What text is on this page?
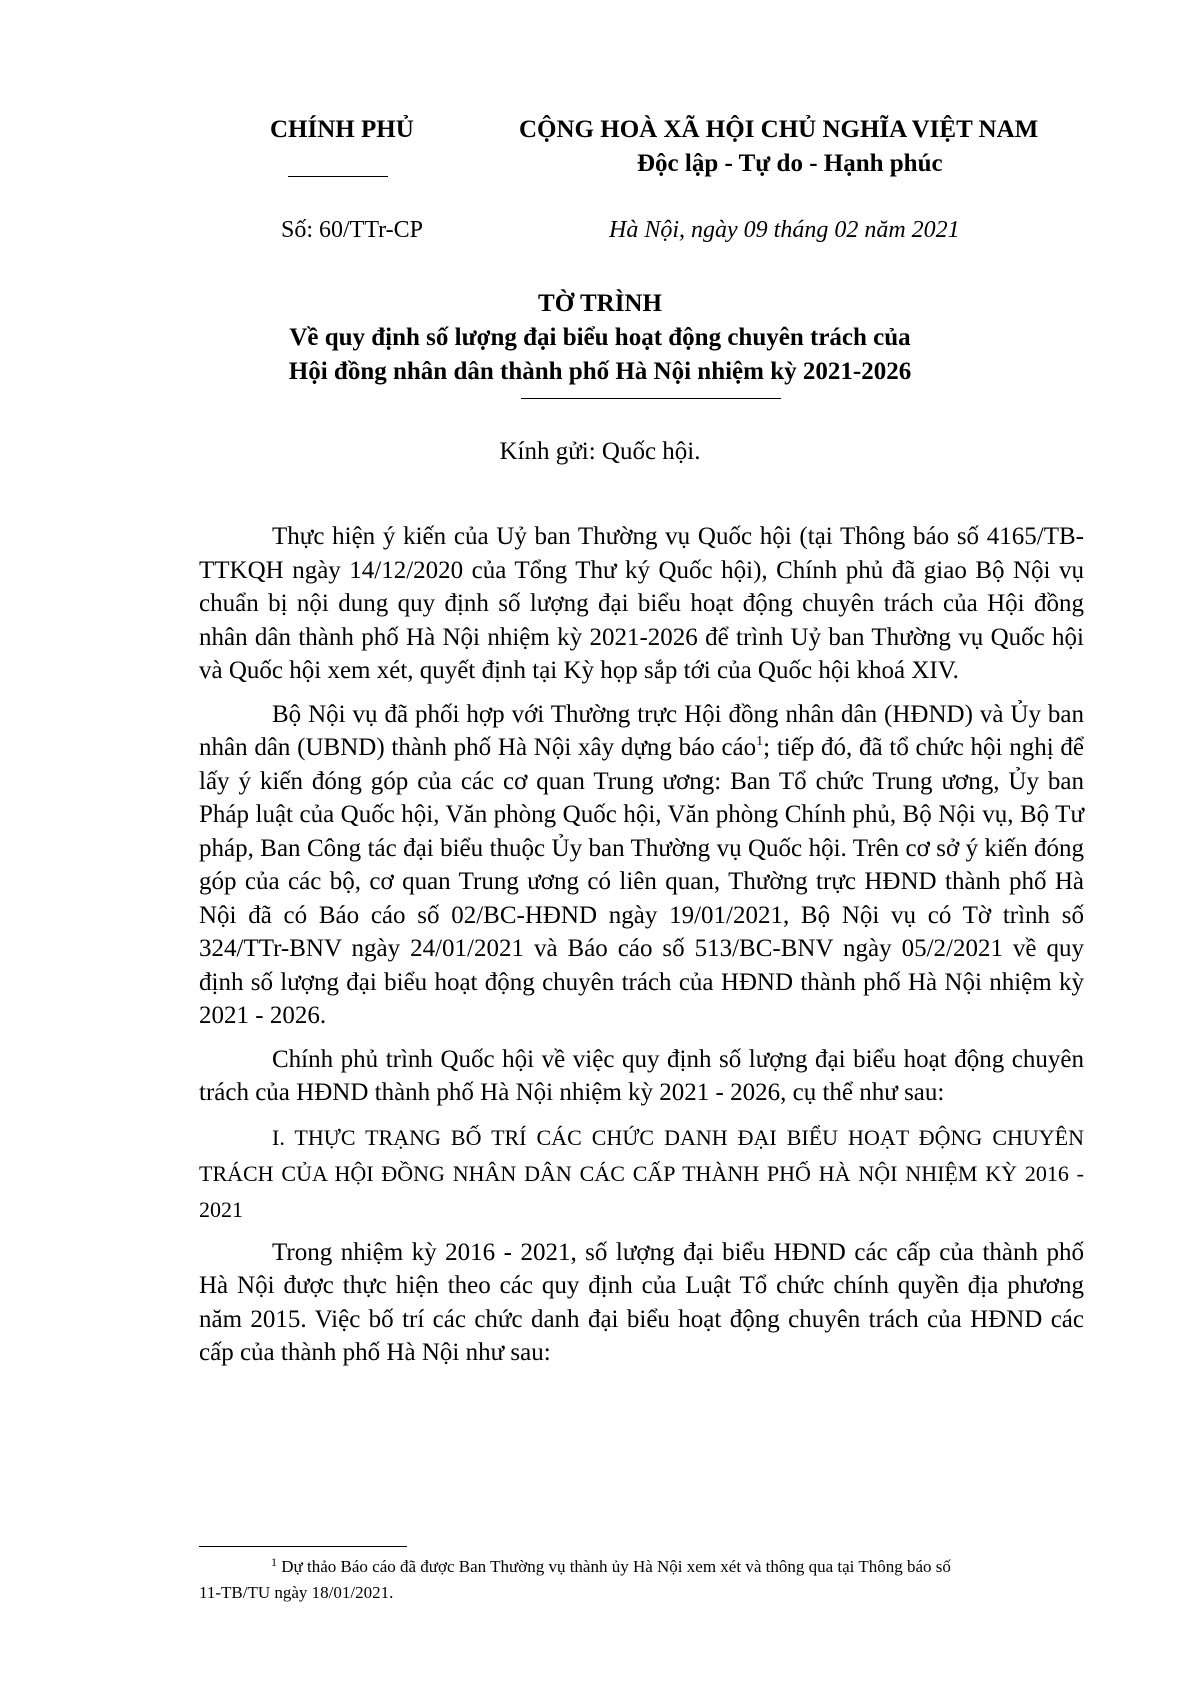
CHÍNH PHỦ	CỘNG HOÀ XÃ HỘI CHỦ NGHĨA VIỆT NAM
Độc lập - Tự do - Hạnh phúc
Số: 60/TTr-CP	Hà Nội, ngày 09 tháng 02 năm 2021
TỜ TRÌNH
Về quy định số lượng đại biểu hoạt động chuyên trách của
Hội đồng nhân dân thành phố Hà Nội nhiệm kỳ 2021-2026
Kính gửi: Quốc hội.

Thực hiện ý kiến của Uỷ ban Thường vụ Quốc hội (tại Thông báo số 4165/TB-TTKQH ngày 14/12/2020 của Tổng Thư ký Quốc hội), Chính phủ đã giao Bộ Nội vụ chuẩn bị nội dung quy định số lượng đại biểu hoạt động chuyên trách của Hội đồng nhân dân thành phố Hà Nội nhiệm kỳ 2021-2026 để trình Uỷ ban Thường vụ Quốc hội và Quốc hội xem xét, quyết định tại Kỳ họp sắp tới của Quốc hội khoá XIV.

Bộ Nội vụ đã phối hợp với Thường trực Hội đồng nhân dân (HĐND) và Ủy ban nhân dân (UBND) thành phố Hà Nội xây dựng báo cáo$^1$; tiếp đó, đã tổ chức hội nghị để lấy ý kiến đóng góp của các cơ quan Trung ương: Ban Tổ chức Trung ương, Ủy ban Pháp luật của Quốc hội, Văn phòng Quốc hội, Văn phòng Chính phủ, Bộ Nội vụ, Bộ Tư pháp, Ban Công tác đại biểu thuộc Ủy ban Thường vụ Quốc hội. Trên cơ sở ý kiến đóng góp của các bộ, cơ quan Trung ương có liên quan, Thường trực HĐND thành phố Hà Nội đã có Báo cáo số 02/BC-HĐND ngày 19/01/2021, Bộ Nội vụ có Tờ trình số 324/TTr-BNV ngày 24/01/2021 và Báo cáo số 513/BC-BNV ngày 05/2/2021 về quy định số lượng đại biểu hoạt động chuyên trách của HĐND thành phố Hà Nội nhiệm kỳ 2021 - 2026.

Chính phủ trình Quốc hội về việc quy định số lượng đại biểu hoạt động chuyên trách của HĐND thành phố Hà Nội nhiệm kỳ 2021 - 2026, cụ thể như sau:

I. THỰC TRẠNG BỐ TRÍ CÁC CHỨC DANH ĐẠI BIỂU HOẠT ĐỘNG CHUYÊN TRÁCH CỦA HỘI ĐỒNG NHÂN DÂN CÁC CẤP THÀNH PHỐ HÀ NỘI NHIỆM KỲ 2016 - 2021

Trong nhiệm kỳ 2016 - 2021, số lượng đại biểu HĐND các cấp của thành phố Hà Nội được thực hiện theo các quy định của Luật Tổ chức chính quyền địa phương năm 2015. Việc bố trí các chức danh đại biểu hoạt động chuyên trách của HĐND các cấp của thành phố Hà Nội như sau:

$^1$ Dự thảo Báo cáo đã được Ban Thường vụ thành ủy Hà Nội xem xét và thông qua tại Thông báo số
11-TB/TU ngày 18/01/2021.
